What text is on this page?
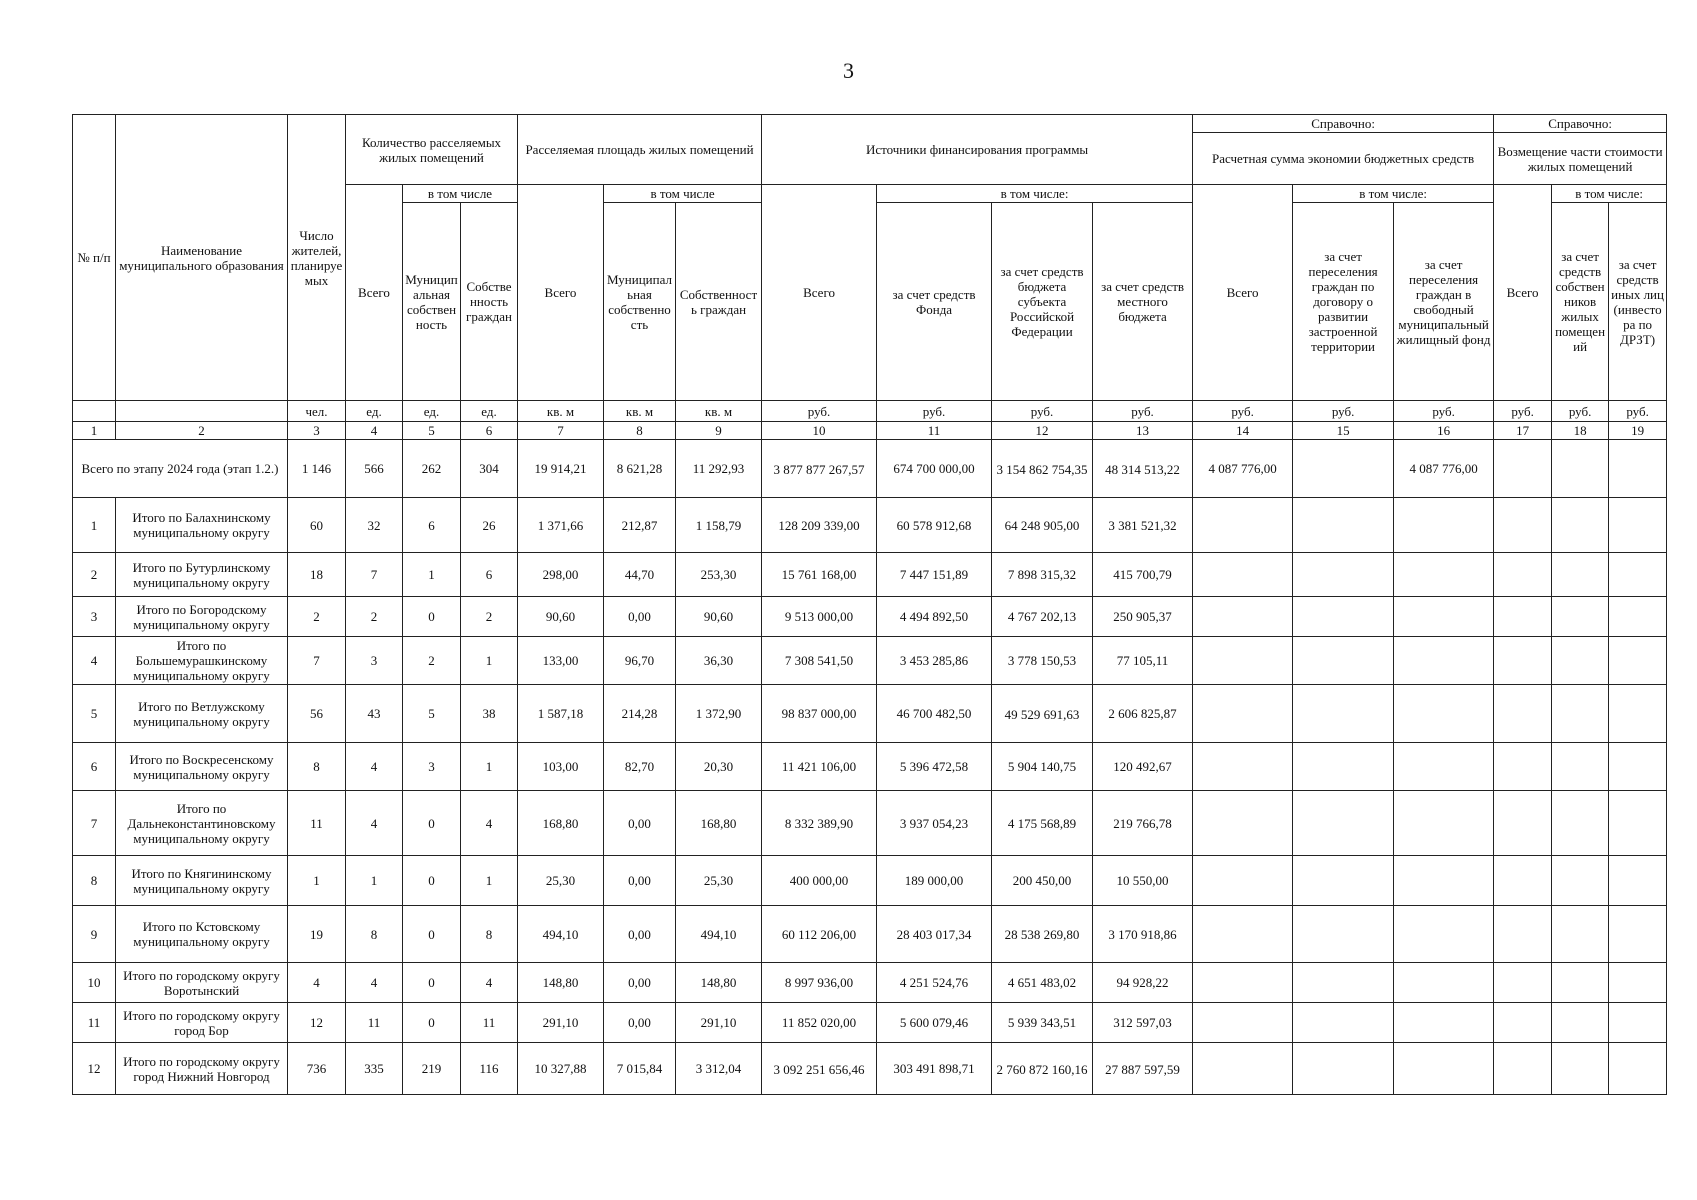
3
№ п/п	Наименование муниципального образования	Число жителей, планируемых	Количество расселяемых жилых помещений			Расселяемая площадь жилых помещений			Источники финансирования программы				Справочно:			Справочно:		
													Расчетная сумма экономии бюджетных средств			Возмещение части стоимости жилых помещений		
			Всего	в том числе		Всего	в том числе		Всего	в том числе:			Всего	в том числе:		Всего	в том числе:	
				Муниципальная собственность	Собственность граждан		Муниципальная собственность	Собственность граждан		за счет средств Фонда	за счет средств бюджета субъекта Российской Федерации	за счет средств местного бюджета		за счет переселения граждан по договору о развитии застроенной территории	за счет переселения граждан в свободный муниципальный жилищный фонд		за счет средств собственников жилых помещений	за счет средств иных лиц (инвестора по ДРЗТ)

		чел.	ед.	ед.	ед.	кв. м	кв. м	кв. м	руб.	руб.	руб.	руб.	руб.	руб.	руб.	руб.	руб.	руб.
1	2	3	4	5	6	7	8	9	10	11	12	13	14	15	16	17	18	19
Всего по этапу 2024 года (этап 1.2.)		1 146	566	262	304	19 914,21	8 621,28	11 292,93	3 877 877 267,57	674 700 000,00	3 154 862 754,35	48 314 513,22	4 087 776,00		4 087 776,00			
1	Итого по Балахнинскому муниципальному округу	60	32	6	26	1 371,66	212,87	1 158,79	128 209 339,00	60 578 912,68	64 248 905,00	3 381 521,32						
2	Итого по Бутурлинскому муниципальному округу	18	7	1	6	298,00	44,70	253,30	15 761 168,00	7 447 151,89	7 898 315,32	415 700,79						
3	Итого по Богородскому муниципальному округу	2	2	0	2	90,60	0,00	90,60	9 513 000,00	4 494 892,50	4 767 202,13	250 905,37						
4	Итого по Большемурашкинскому муниципальному округу	7	3	2	1	133,00	96,70	36,30	7 308 541,50	3 453 285,86	3 778 150,53	77 105,11						
5	Итого по Ветлужскому муниципальному округу	56	43	5	38	1 587,18	214,28	1 372,90	98 837 000,00	46 700 482,50	49 529 691,63	2 606 825,87						
6	Итого по Воскресенскому муниципальному округу	8	4	3	1	103,00	82,70	20,30	11 421 106,00	5 396 472,58	5 904 140,75	120 492,67						
7	Итого по Дальнеконстантиновскому муниципальному округу	11	4	0	4	168,80	0,00	168,80	8 332 389,90	3 937 054,23	4 175 568,89	219 766,78						
8	Итого по Княгининскому муниципальному округу	1	1	0	1	25,30	0,00	25,30	400 000,00	189 000,00	200 450,00	10 550,00						
9	Итого по Кстовскому муниципальному округу	19	8	0	8	494,10	0,00	494,10	60 112 206,00	28 403 017,34	28 538 269,80	3 170 918,86						
10	Итого по городскому округу Воротынский	4	4	0	4	148,80	0,00	148,80	8 997 936,00	4 251 524,76	4 651 483,02	94 928,22						
11	Итого по городскому округу город Бор	12	11	0	11	291,10	0,00	291,10	11 852 020,00	5 600 079,46	5 939 343,51	312 597,03						
12	Итого по городскому округу город Нижний Новгород	736	335	219	116	10 327,88	7 015,84	3 312,04	3 092 251 656,46	303 491 898,71	2 760 872 160,16	27 887 597,59						
